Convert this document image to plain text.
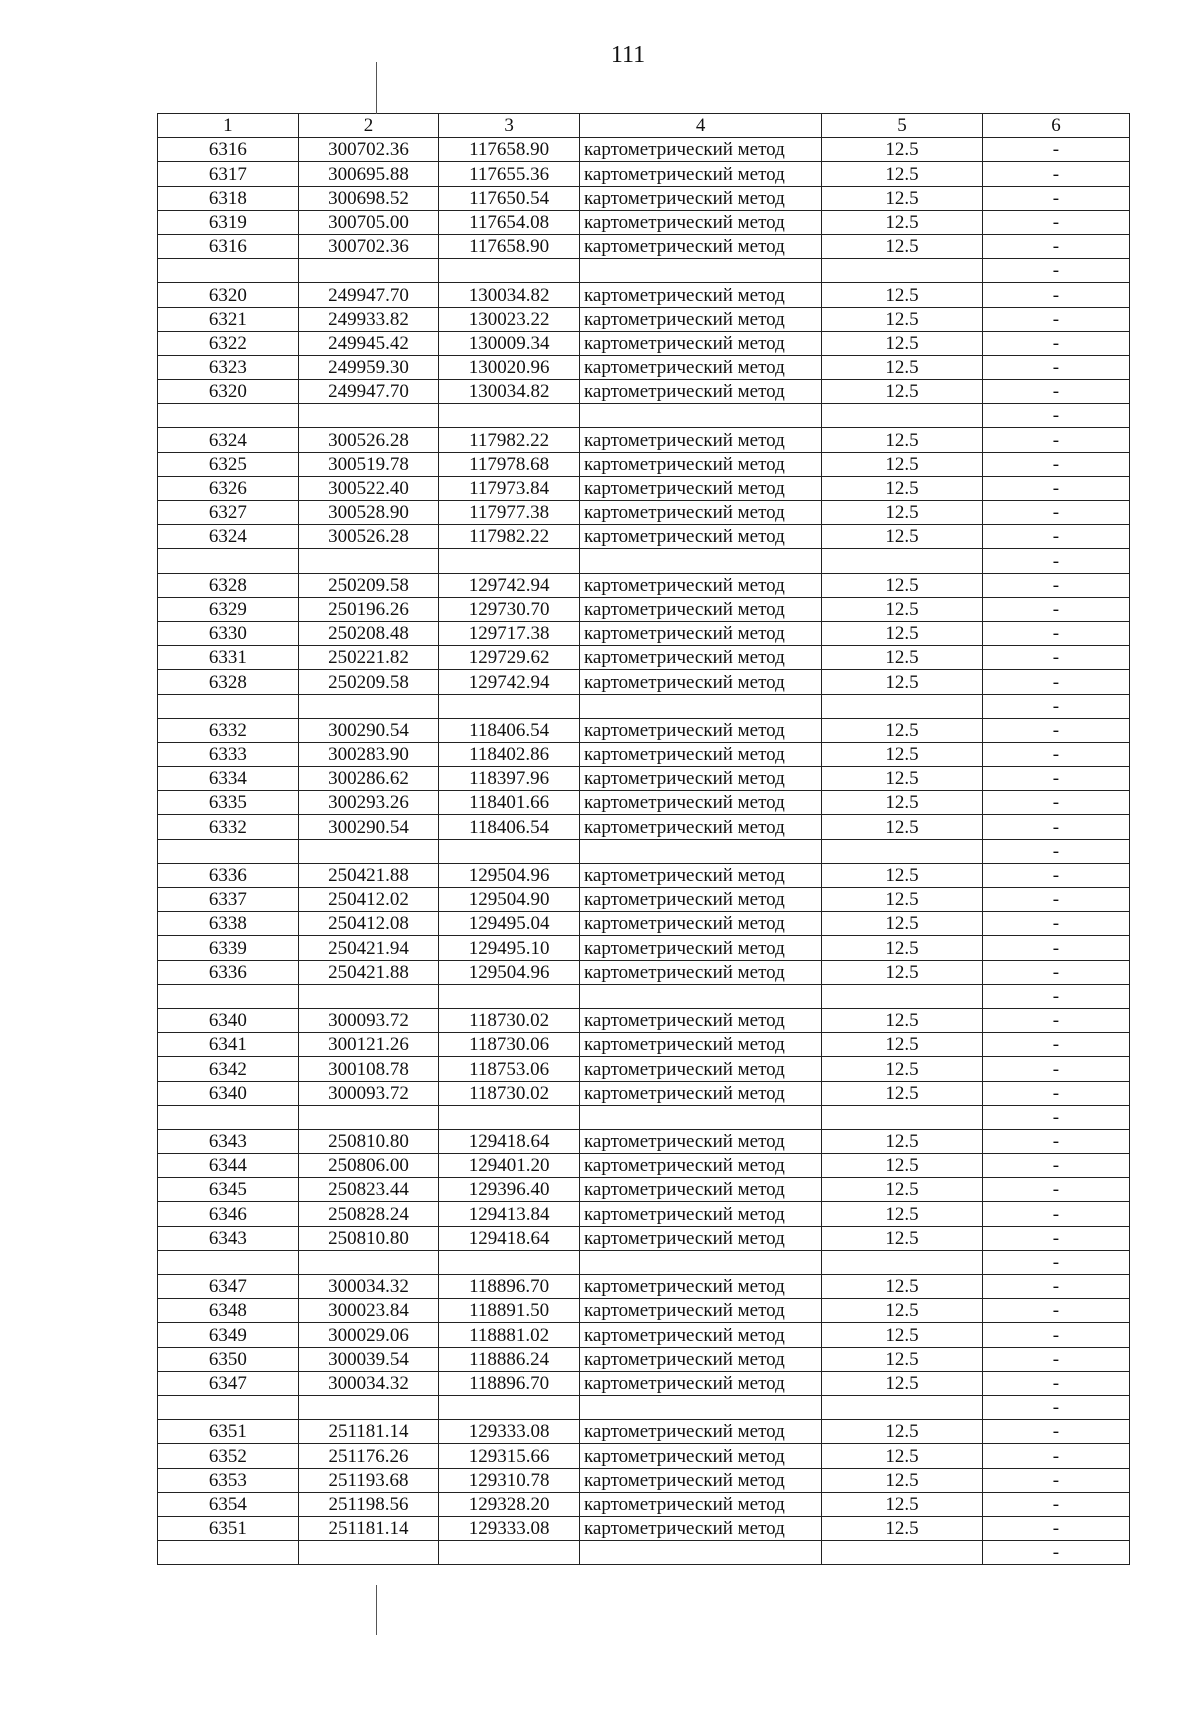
111
1	2	3	4	5	6
6316	300702.36	117658.90	картометрический метод	12.5	-
6317	300695.88	117655.36	картометрический метод	12.5	-
6318	300698.52	117650.54	картометрический метод	12.5	-
6319	300705.00	117654.08	картометрический метод	12.5	-
6316	300702.36	117658.90	картометрический метод	12.5	-
					-
6320	249947.70	130034.82	картометрический метод	12.5	-
6321	249933.82	130023.22	картометрический метод	12.5	-
6322	249945.42	130009.34	картометрический метод	12.5	-
6323	249959.30	130020.96	картометрический метод	12.5	-
6320	249947.70	130034.82	картометрический метод	12.5	-
					-
6324	300526.28	117982.22	картометрический метод	12.5	-
6325	300519.78	117978.68	картометрический метод	12.5	-
6326	300522.40	117973.84	картометрический метод	12.5	-
6327	300528.90	117977.38	картометрический метод	12.5	-
6324	300526.28	117982.22	картометрический метод	12.5	-
					-
6328	250209.58	129742.94	картометрический метод	12.5	-
6329	250196.26	129730.70	картометрический метод	12.5	-
6330	250208.48	129717.38	картометрический метод	12.5	-
6331	250221.82	129729.62	картометрический метод	12.5	-
6328	250209.58	129742.94	картометрический метод	12.5	-
					-
6332	300290.54	118406.54	картометрический метод	12.5	-
6333	300283.90	118402.86	картометрический метод	12.5	-
6334	300286.62	118397.96	картометрический метод	12.5	-
6335	300293.26	118401.66	картометрический метод	12.5	-
6332	300290.54	118406.54	картометрический метод	12.5	-
					-
6336	250421.88	129504.96	картометрический метод	12.5	-
6337	250412.02	129504.90	картометрический метод	12.5	-
6338	250412.08	129495.04	картометрический метод	12.5	-
6339	250421.94	129495.10	картометрический метод	12.5	-
6336	250421.88	129504.96	картометрический метод	12.5	-
					-
6340	300093.72	118730.02	картометрический метод	12.5	-
6341	300121.26	118730.06	картометрический метод	12.5	-
6342	300108.78	118753.06	картометрический метод	12.5	-
6340	300093.72	118730.02	картометрический метод	12.5	-
					-
6343	250810.80	129418.64	картометрический метод	12.5	-
6344	250806.00	129401.20	картометрический метод	12.5	-
6345	250823.44	129396.40	картометрический метод	12.5	-
6346	250828.24	129413.84	картометрический метод	12.5	-
6343	250810.80	129418.64	картометрический метод	12.5	-
					-
6347	300034.32	118896.70	картометрический метод	12.5	-
6348	300023.84	118891.50	картометрический метод	12.5	-
6349	300029.06	118881.02	картометрический метод	12.5	-
6350	300039.54	118886.24	картометрический метод	12.5	-
6347	300034.32	118896.70	картометрический метод	12.5	-
					-
6351	251181.14	129333.08	картометрический метод	12.5	-
6352	251176.26	129315.66	картометрический метод	12.5	-
6353	251193.68	129310.78	картометрический метод	12.5	-
6354	251198.56	129328.20	картометрический метод	12.5	-
6351	251181.14	129333.08	картометрический метод	12.5	-
					-
